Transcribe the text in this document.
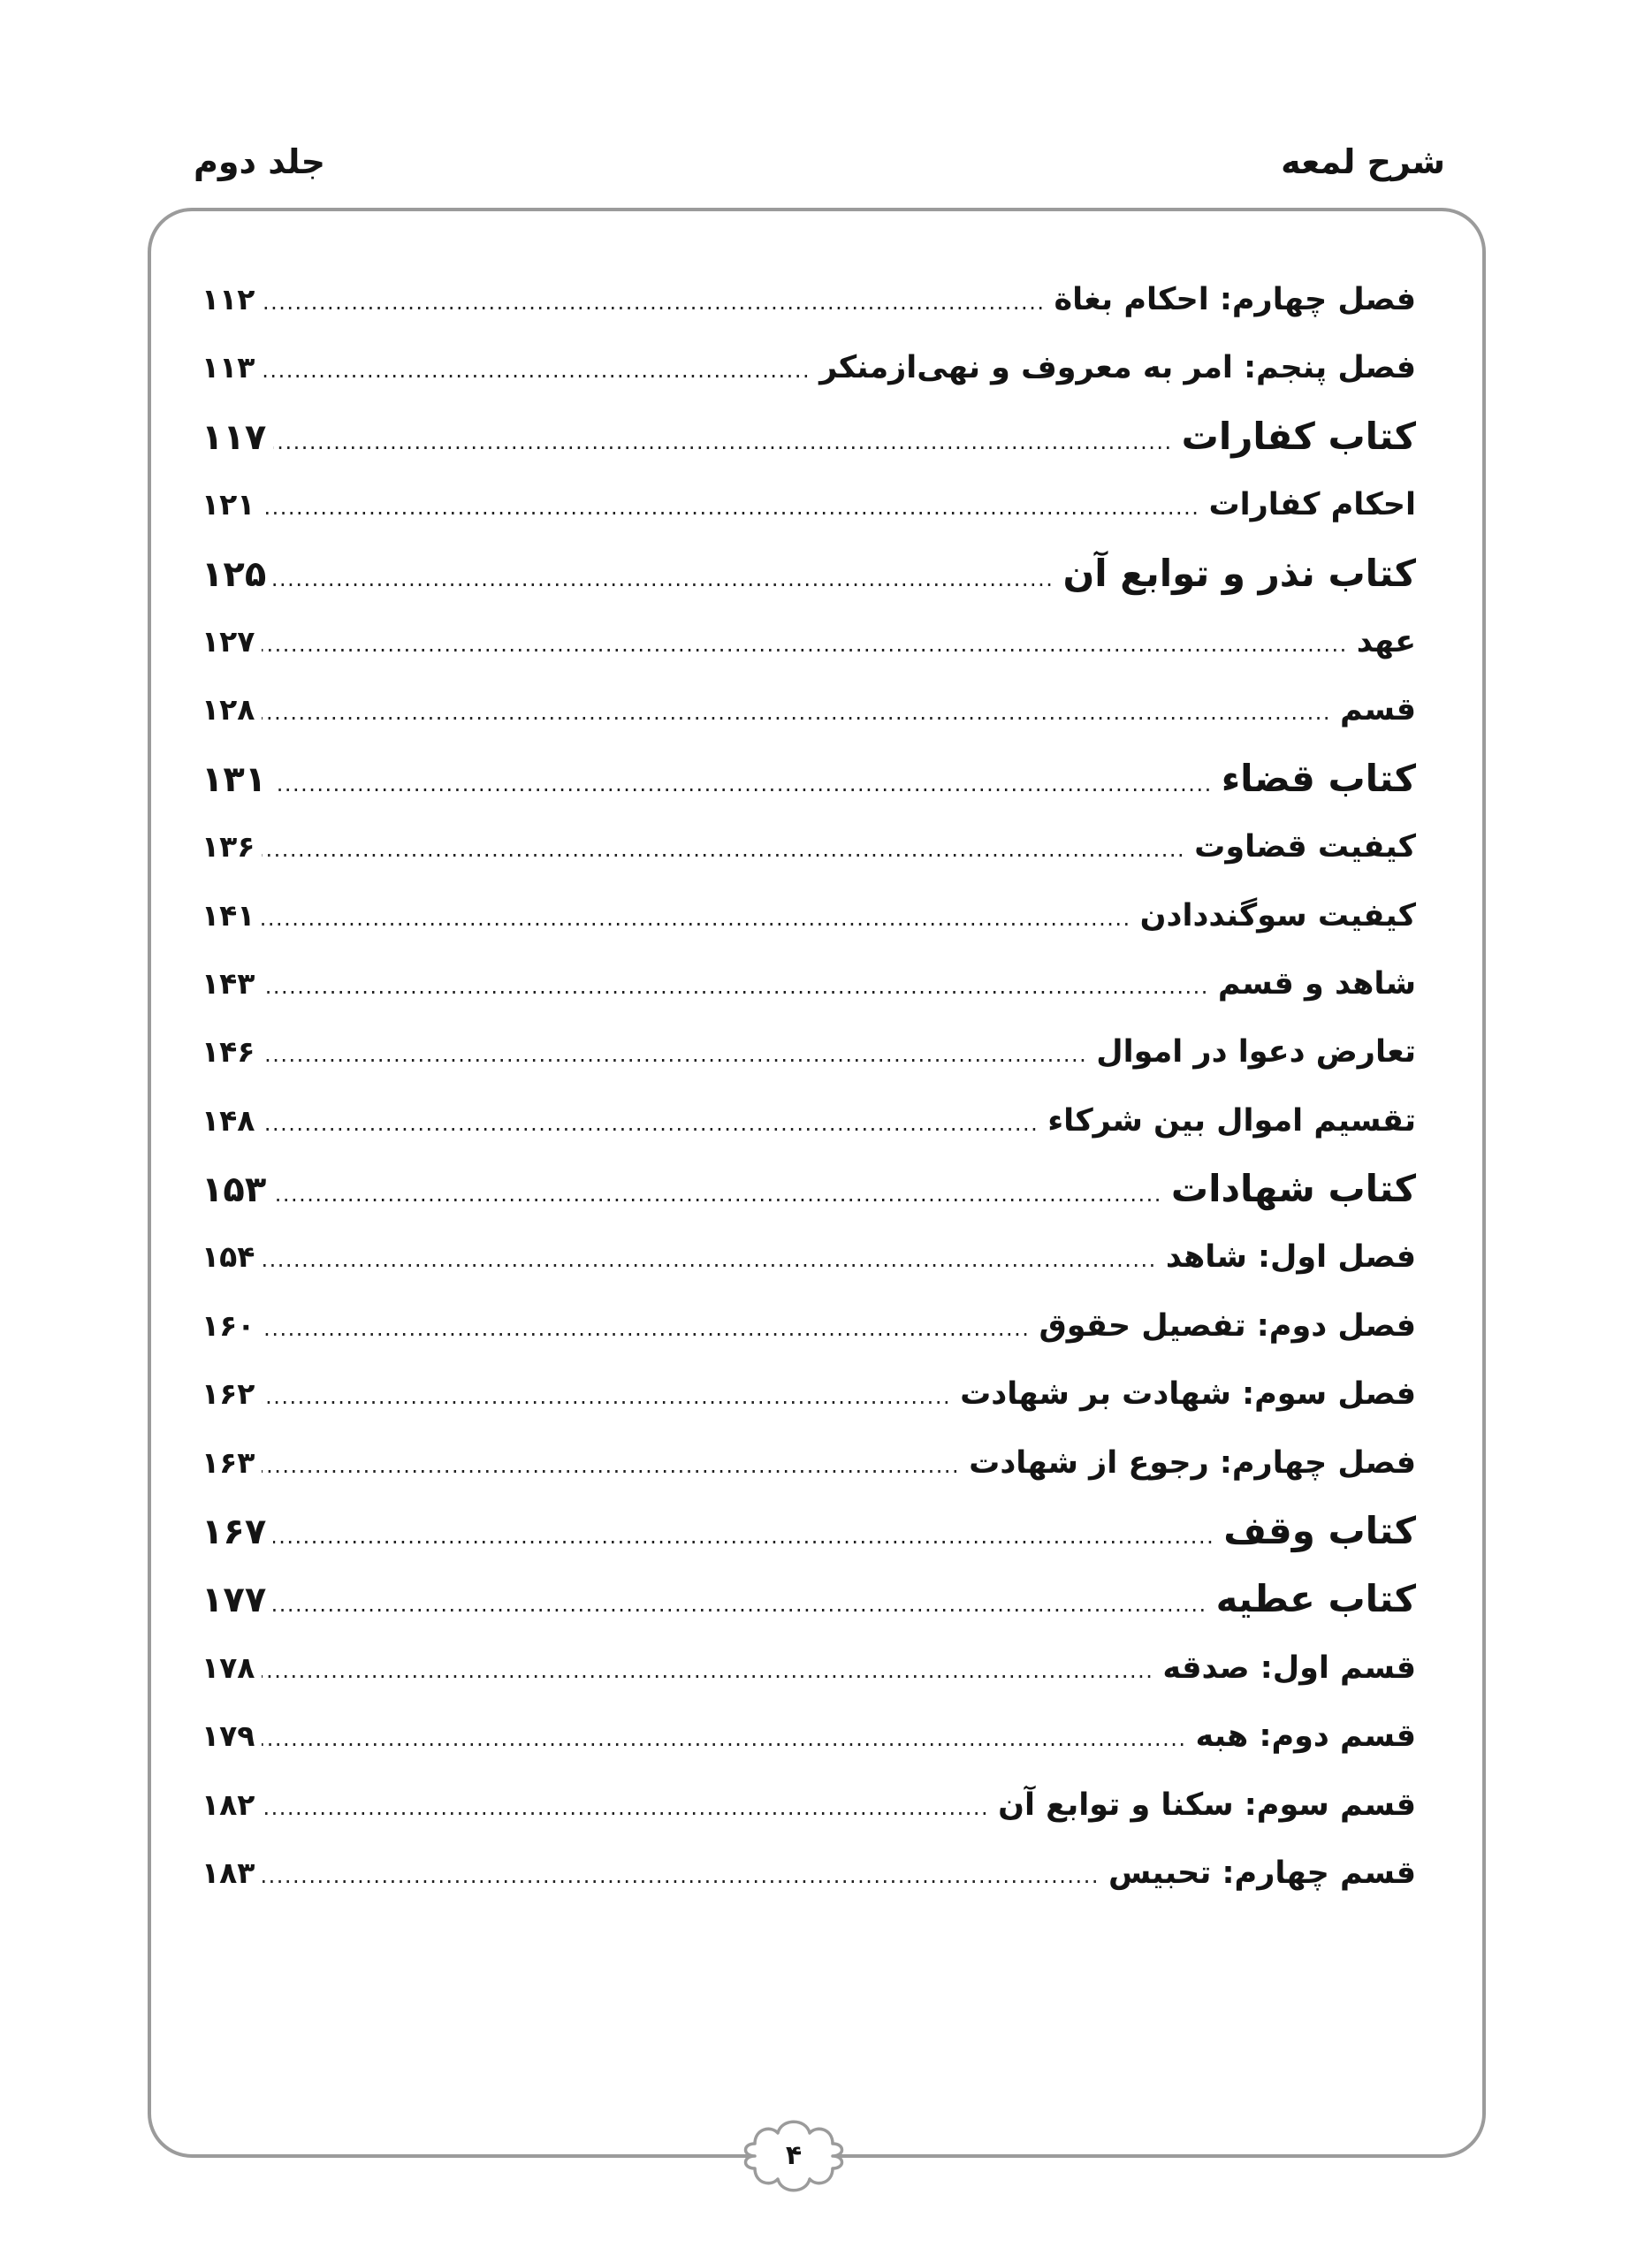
شرح لمعه
جلد دوم
فصل چهارم: احکام بغاة
.....
۱۱۲
فصل پنجم: امر به معروف و نهی‌ازمنکر
.....
۱۱۳
کتاب کفارات
.....
۱۱۷
احکام کفارات
.....
۱۲۱
کتاب نذر و توابع آن
.....
۱۲۵
عهد
.....
۱۲۷
قسم
.....
۱۲۸
کتاب قضاء
.....
۱۳۱
کیفیت قضاوت
.....
۱۳۶
کیفیت سوگنددادن
.....
۱۴۱
شاهد و قسم
.....
۱۴۳
تعارض دعوا در اموال
.....
۱۴۶
تقسیم اموال بین شرکاء
.....
۱۴۸
کتاب شهادات
.....
۱۵۳
فصل اول: شاهد
.....
۱۵۴
فصل دوم: تفصیل حقوق
.....
۱۶۰
فصل سوم: شهادت بر شهادت
.....
۱۶۲
فصل چهارم: رجوع از شهادت
.....
۱۶۳
کتاب وقف
.....
۱۶۷
کتاب عطیه
.....
۱۷۷
قسم اول: صدقه
.....
۱۷۸
قسم دوم: هبه
.....
۱۷۹
قسم سوم: سکنا و توابع آن
.....
۱۸۲
قسم چهارم: تحبیس
.....
۱۸۳
۴
